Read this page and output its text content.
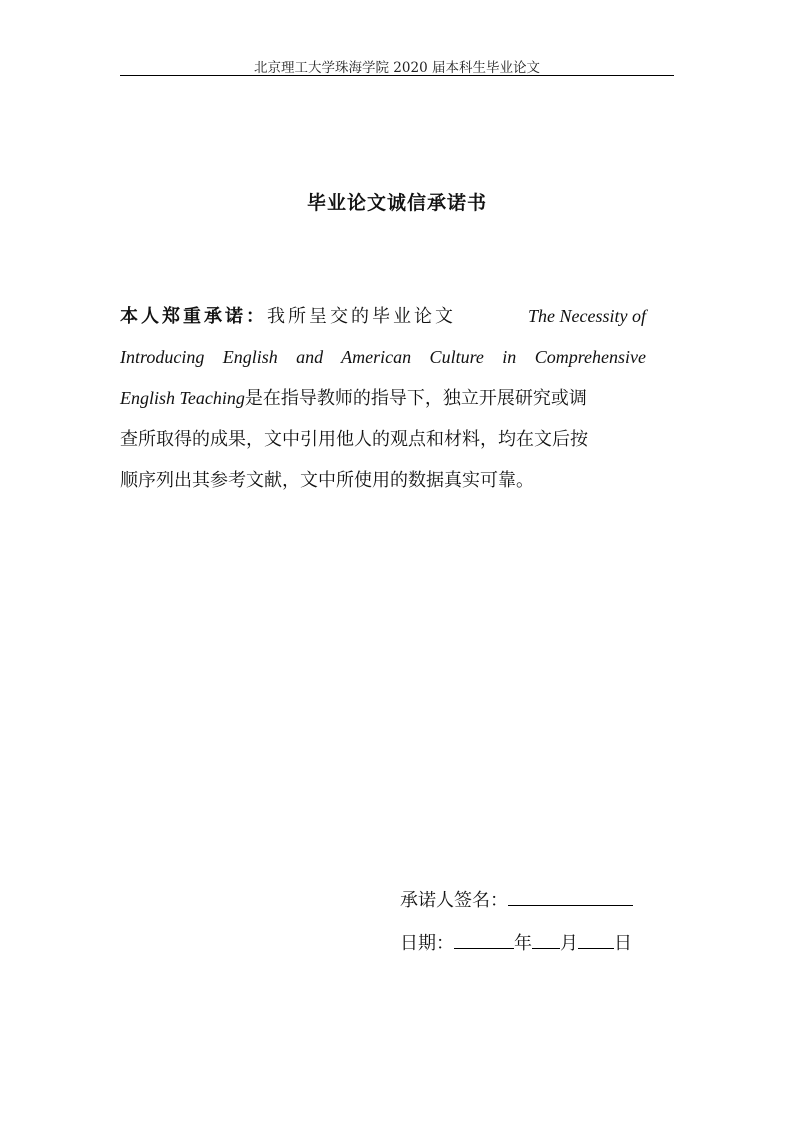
北京理工大学珠海学院 2020 届本科生毕业论文
毕业论文诚信承诺书
本人郑重承诺：我所呈交的毕业论文	The Necessity of
Introducing English and American Culture in Comprehensive
English Teaching是在指导教师的指导下，独立开展研究或调
查所取得的成果，文中引用他人的观点和材料，均在文后按
顺序列出其参考文献，文中所使用的数据真实可靠。
承诺人签名：
日期：	年 月 日
